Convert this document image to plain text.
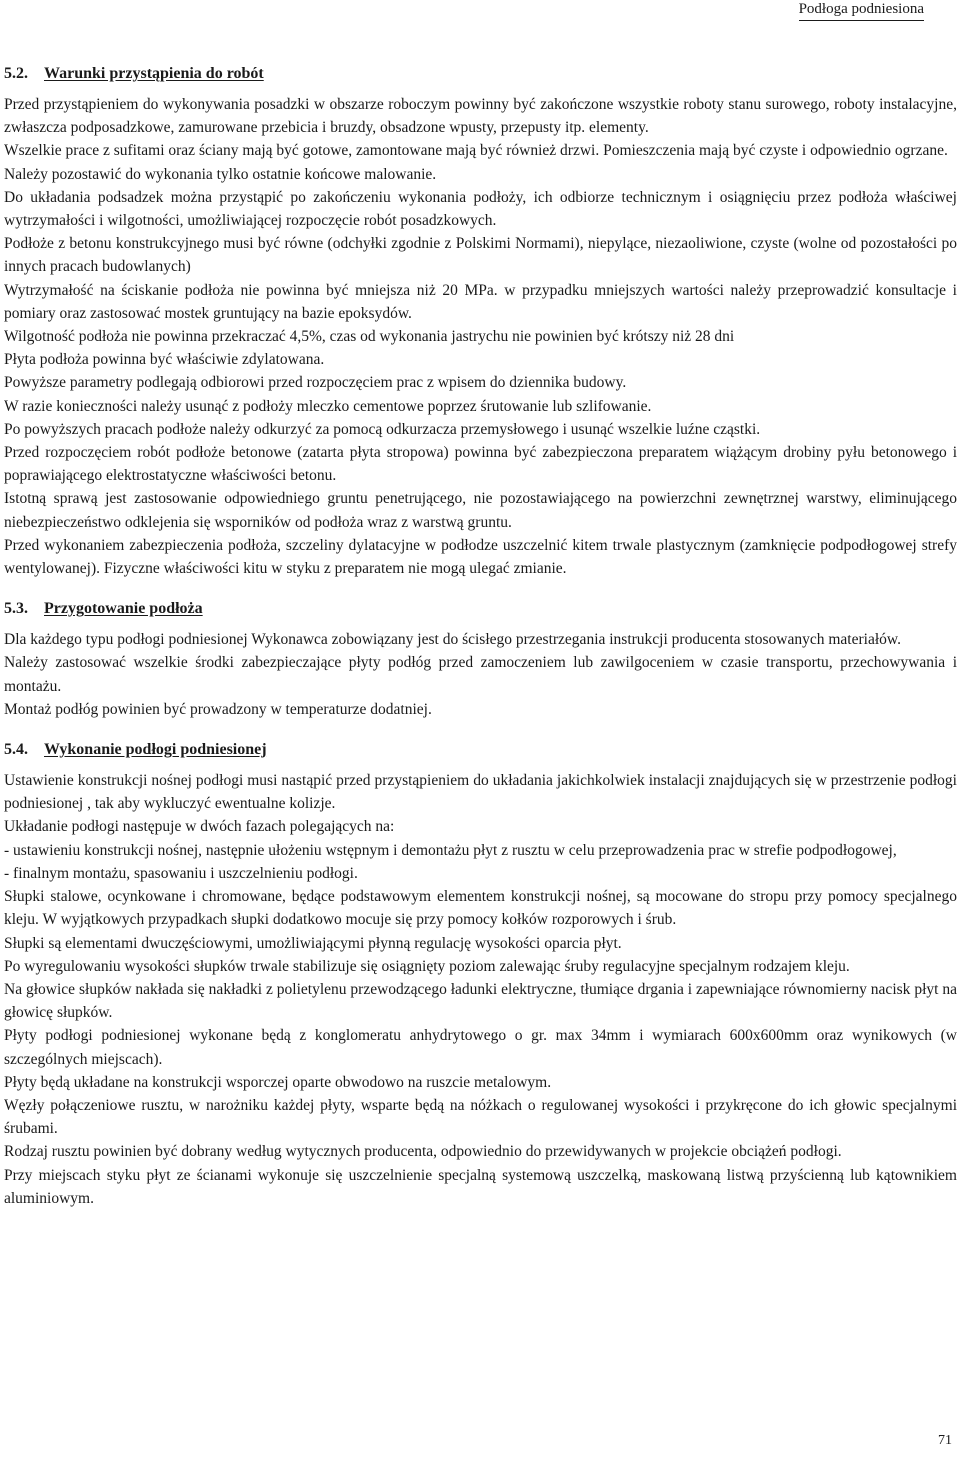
Podłoga podniesiona
5.2. Warunki przystąpienia do robót

Przed przystąpieniem do wykonywania posadzki w obszarze roboczym powinny być zakończone wszystkie roboty stanu surowego, roboty instalacyjne, zwłaszcza podposadzkowe, zamurowane przebicia i bruzdy, obsadzone wpusty, przepusty itp. elementy.

Wszelkie prace z sufitami oraz ściany mają być gotowe, zamontowane mają być również drzwi. Pomieszczenia mają być czyste i odpowiednio ogrzane.

Należy pozostawić do wykonania tylko ostatnie końcowe malowanie.

Do układania podsadzek można przystąpić po zakończeniu wykonania podłoży, ich odbiorze technicznym i osiągnięciu przez podłoża właściwej wytrzymałości i wilgotności, umożliwiającej rozpoczęcie robót posadzkowych.

Podłoże z betonu konstrukcyjnego musi być równe (odchyłki zgodnie z Polskimi Normami), niepylące, niezaoliwione, czyste (wolne od pozostałości po innych pracach budowlanych)

Wytrzymałość na ściskanie podłoża nie powinna być mniejsza niż 20 MPa. w przypadku mniejszych wartości należy przeprowadzić konsultacje i pomiary oraz zastosować mostek gruntujący na bazie epoksydów.

Wilgotność podłoża nie powinna przekraczać 4,5%, czas od wykonania jastrychu nie powinien być krótszy niż 28 dni

Płyta podłoża powinna być właściwie zdylatowana.

Powyższe parametry podlegają odbiorowi przed rozpoczęciem prac z wpisem do dziennika budowy.

W razie konieczności należy usunąć z podłoży mleczko cementowe poprzez śrutowanie lub szlifowanie.

Po powyższych pracach podłoże należy odkurzyć za pomocą odkurzacza przemysłowego i usunąć wszelkie luźne cząstki.

Przed rozpoczęciem robót podłoże betonowe (zatarta płyta stropowa) powinna być zabezpieczona preparatem wiążącym drobiny pyłu betonowego i poprawiającego elektrostatyczne właściwości betonu.

Istotną sprawą jest zastosowanie odpowiedniego gruntu penetrującego, nie pozostawiającego na powierzchni zewnętrznej warstwy, eliminującego niebezpieczeństwo odklejenia się wsporników od podłoża wraz z warstwą gruntu.

Przed wykonaniem zabezpieczenia podłoża, szczeliny dylatacyjne w podłodze uszczelnić kitem trwale plastycznym (zamknięcie podpodłogowej strefy wentylowanej). Fizyczne właściwości kitu w styku z preparatem nie mogą ulegać zmianie.

5.3. Przygotowanie podłoża

Dla każdego typu podłogi podniesionej Wykonawca zobowiązany jest do ścisłego przestrzegania instrukcji producenta stosowanych materiałów.

Należy zastosować wszelkie środki zabezpieczające płyty podłóg przed zamoczeniem lub zawilgoceniem w czasie transportu, przechowywania i montażu.

Montaż podłóg powinien być prowadzony w temperaturze dodatniej.

5.4. Wykonanie podłogi podniesionej

Ustawienie konstrukcji nośnej podłogi musi nastąpić przed przystąpieniem do układania jakichkolwiek instalacji znajdujących się w przestrzenie podłogi podniesionej , tak aby wykluczyć ewentualne kolizje.

Układanie podłogi następuje w dwóch fazach polegających na:

- ustawieniu konstrukcji nośnej, następnie ułożeniu wstępnym i demontażu płyt z rusztu w celu przeprowadzenia prac w strefie podpodłogowej,

- finalnym montażu, spasowaniu i uszczelnieniu podłogi.

Słupki stalowe, ocynkowane i chromowane, będące podstawowym elementem konstrukcji nośnej, są mocowane do stropu przy pomocy specjalnego kleju. W wyjątkowych przypadkach słupki dodatkowo mocuje się przy pomocy kołków rozporowych i śrub.

Słupki są elementami dwuczęściowymi, umożliwiającymi płynną regulację wysokości oparcia płyt.

Po wyregulowaniu wysokości słupków trwale stabilizuje się osiągnięty poziom zalewając śruby regulacyjne specjalnym rodzajem kleju.

Na głowice słupków nakłada się nakładki z polietylenu przewodzącego ładunki elektryczne, tłumiące drgania i zapewniające równomierny nacisk płyt na głowicę słupków.

Płyty podłogi podniesionej wykonane będą z konglomeratu anhydrytowego o gr. max 34mm i wymiarach 600x600mm oraz wynikowych (w szczególnych miejscach).

Płyty będą układane na konstrukcji wsporczej oparte obwodowo na ruszcie metalowym.

Węzły połączeniowe rusztu, w narożniku każdej płyty, wsparte będą na nóżkach o regulowanej wysokości i przykręcone do ich głowic specjalnymi śrubami.

Rodzaj rusztu powinien być dobrany według wytycznych producenta, odpowiednio do przewidywanych w projekcie obciążeń podłogi.

Przy miejscach styku płyt ze ścianami wykonuje się uszczelnienie specjalną systemową uszczelką, maskowaną listwą przyścienną lub kątownikiem aluminiowym.

71
